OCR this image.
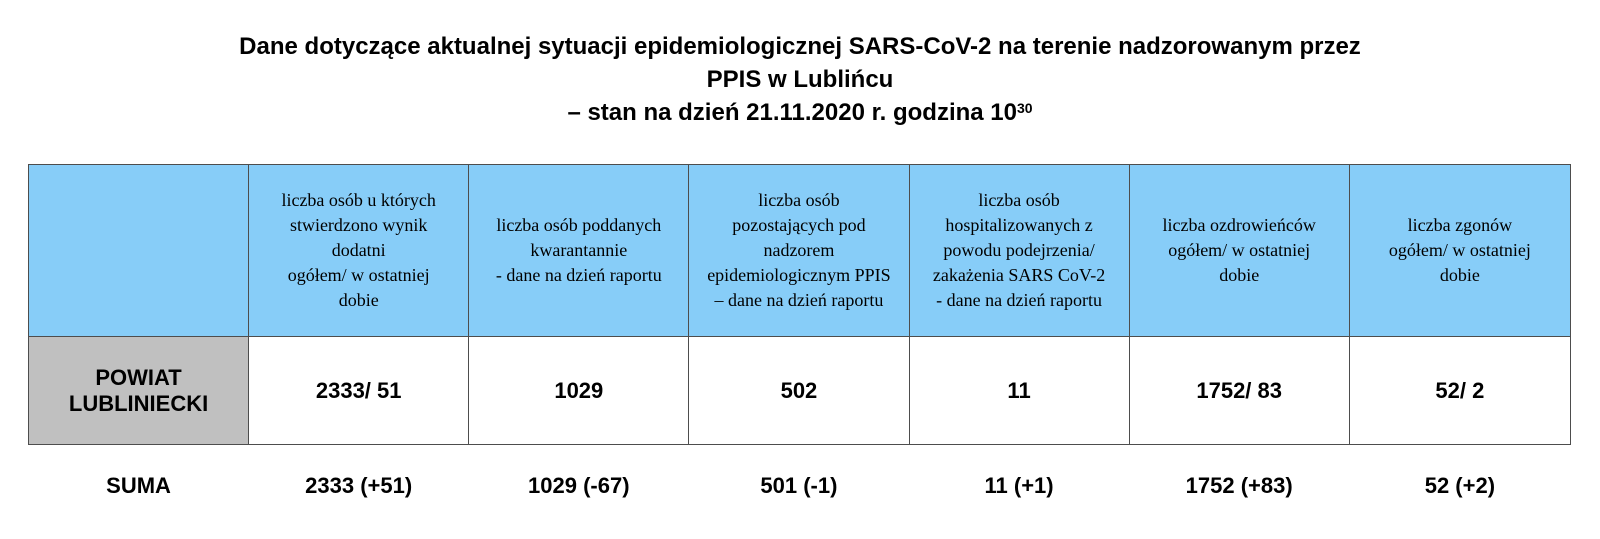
Dane dotyczące aktualnej sytuacji epidemiologicznej SARS-CoV-2 na terenie nadzorowanym przez
PPIS w Lublińcu
– stan na dzień 21.11.2020 r. godzina $10^{30}$

	liczba osób u których
stwierdzono wynik
dodatni
ogółem/ w ostatniej
dobie	liczba osób poddanych
kwarantannie
- dane na dzień raportu	liczba osób
pozostających pod
nadzorem
epidemiologicznym PPIS
– dane na dzień raportu	liczba osób
hospitalizowanych z
powodu podejrzenia/
zakażenia SARS CoV-2
- dane na dzień raportu	liczba ozdrowieńców
ogółem/ w ostatniej
dobie	liczba zgonów
ogółem/ w ostatniej
dobie

POWIAT
LUBLINIECKI	2333/ 51	1029	502	11	1752/ 83	52/ 2
SUMA	2333 (+51)	1029 (-67)	501 (-1)	11 (+1)	1752 (+83)	52 (+2)
